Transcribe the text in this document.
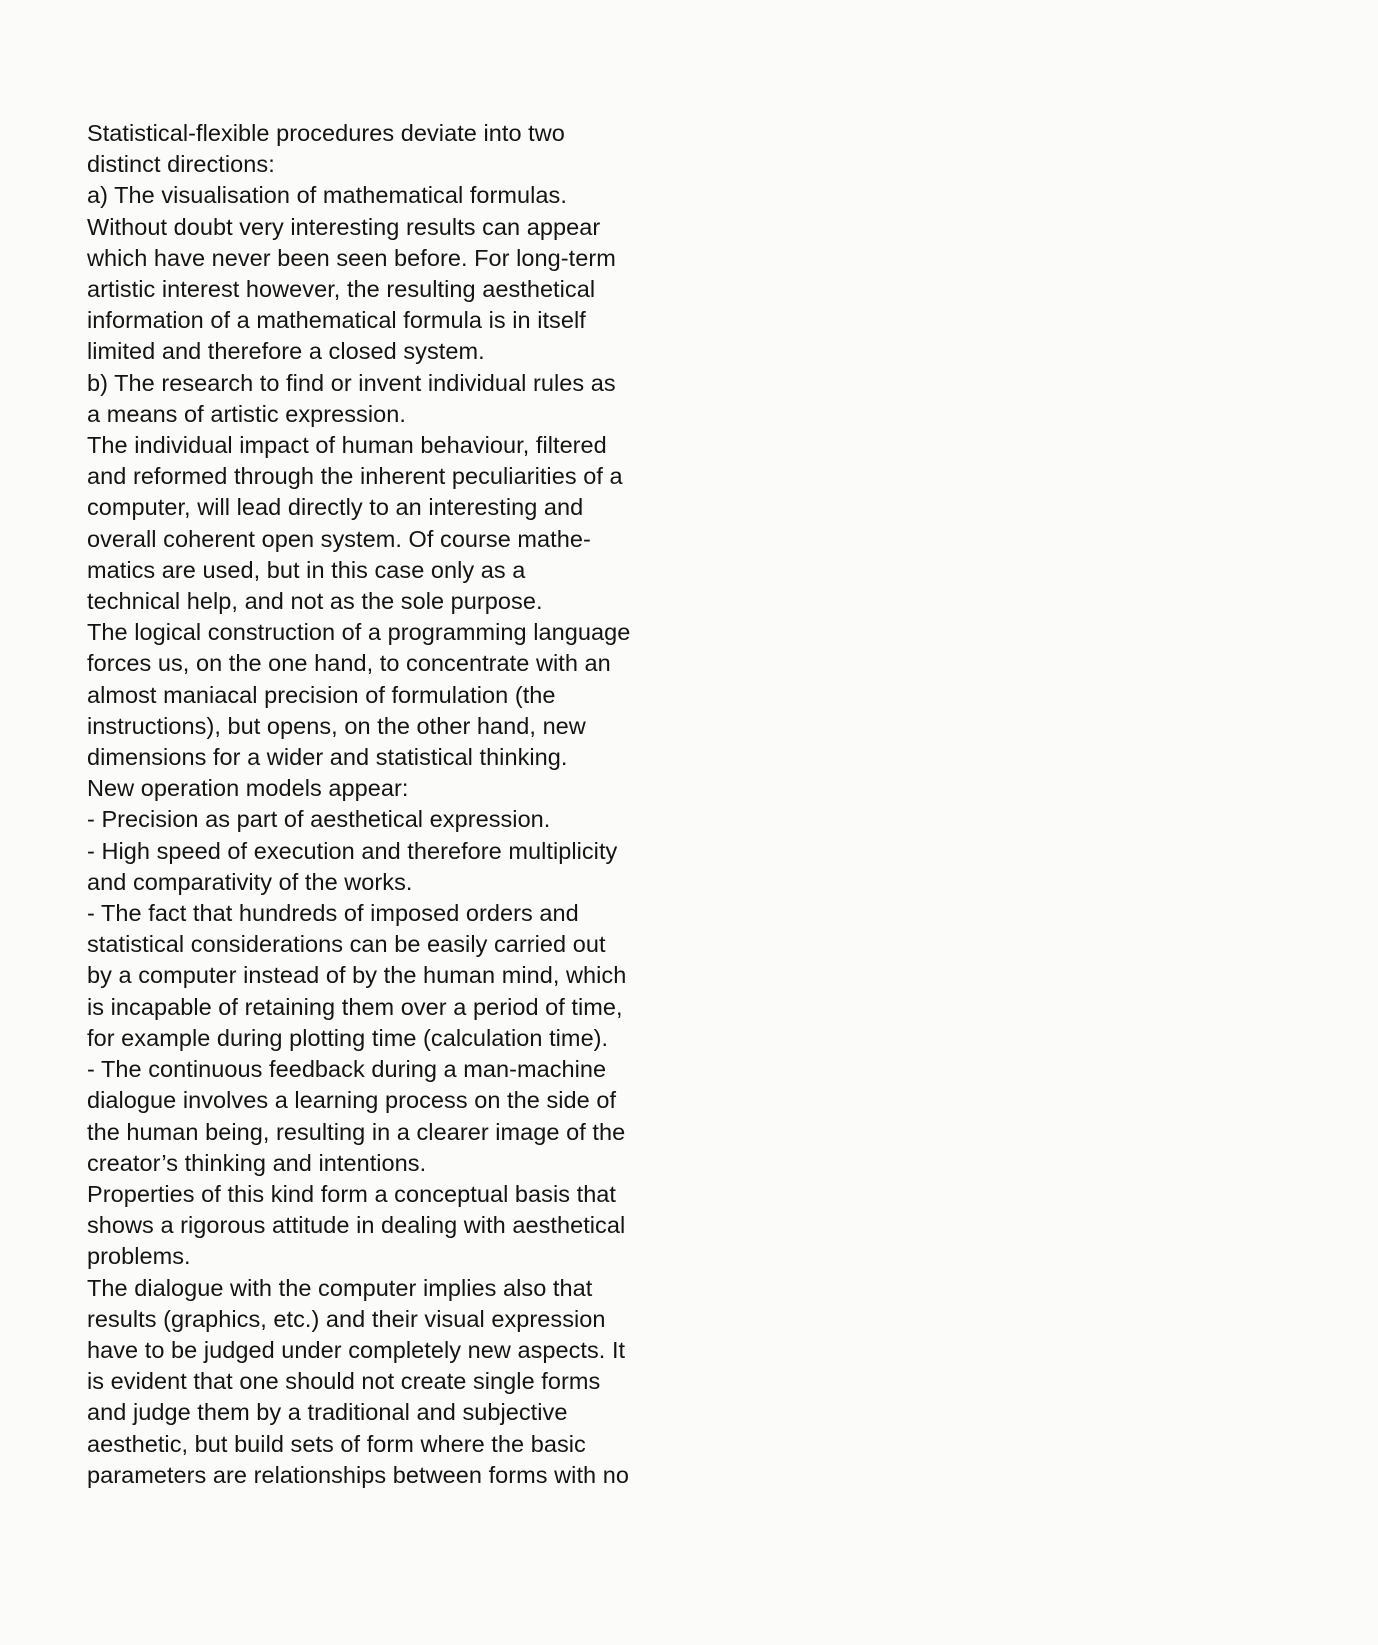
Statistical-flexible procedures deviate into two
distinct directions:
a) The visualisation of mathematical formulas.
Without doubt very interesting results can appear
which have never been seen before. For long-term
artistic interest however, the resulting aesthetical
information of a mathematical formula is in itself
limited and therefore a closed system.
b) The research to find or invent individual rules as
a means of artistic expression.
The individual impact of human behaviour, filtered
and reformed through the inherent peculiarities of a
computer, will lead directly to an interesting and
overall coherent open system. Of course mathe-
matics are used, but in this case only as a
technical help, and not as the sole purpose.
The logical construction of a programming language
forces us, on the one hand, to concentrate with an
almost maniacal precision of formulation (the
instructions), but opens, on the other hand, new
dimensions for a wider and statistical thinking.
New operation models appear:
- Precision as part of aesthetical expression.
- High speed of execution and therefore multiplicity
and comparativity of the works.
- The fact that hundreds of imposed orders and
statistical considerations can be easily carried out
by a computer instead of by the human mind, which
is incapable of retaining them over a period of time,
for example during plotting time (calculation time).
- The continuous feedback during a man-machine
dialogue involves a learning process on the side of
the human being, resulting in a clearer image of the
creator’s thinking and intentions.
Properties of this kind form a conceptual basis that
shows a rigorous attitude in dealing with aesthetical
problems.
The dialogue with the computer implies also that
results (graphics, etc.) and their visual expression
have to be judged under completely new aspects. It
is evident that one should not create single forms
and judge them by a traditional and subjective
aesthetic, but build sets of form where the basic
parameters are relationships between forms with no
